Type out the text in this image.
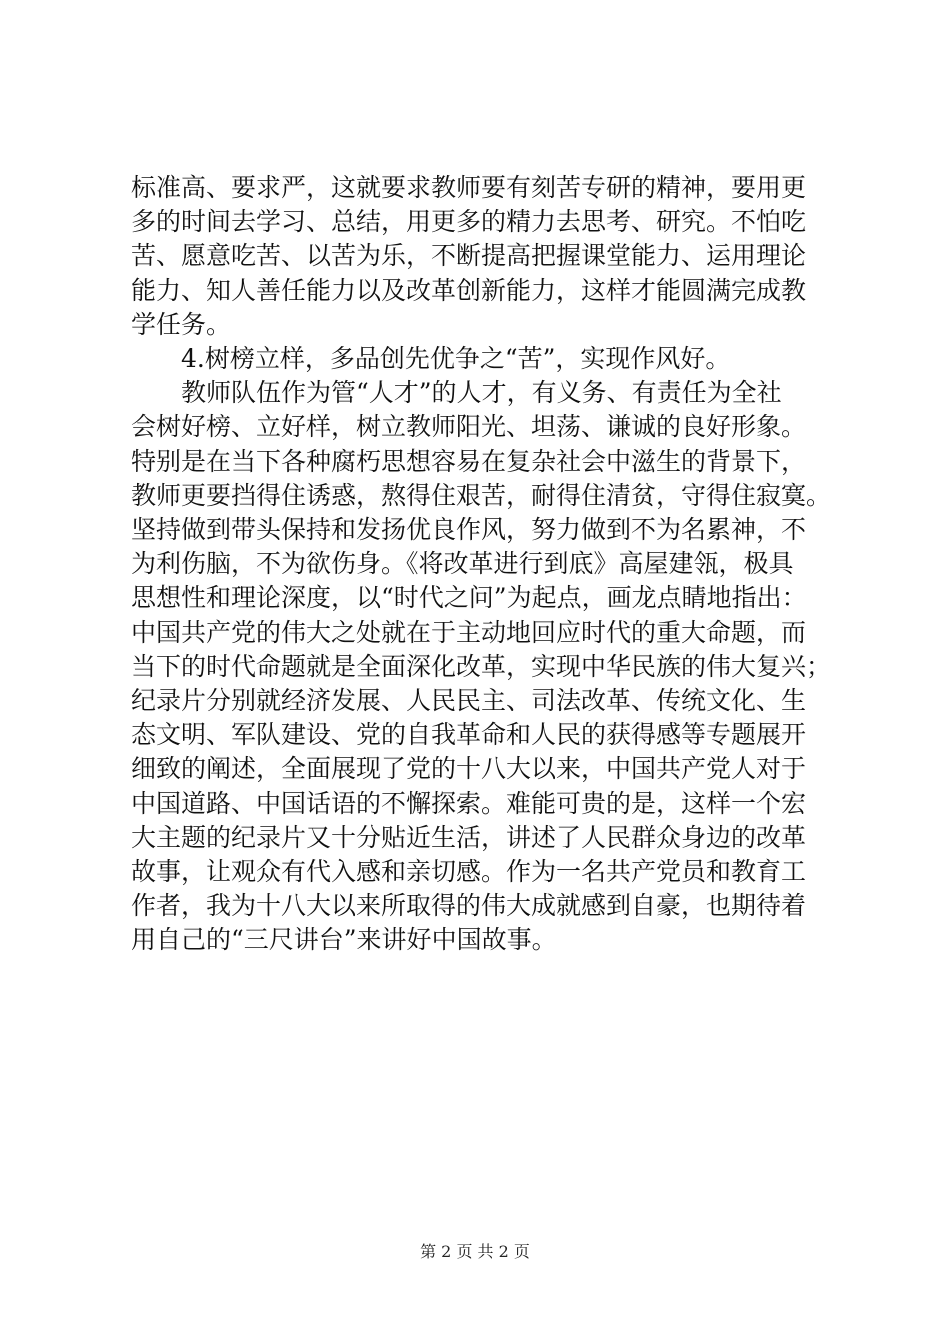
标准高、要求严，这就要求教师要有刻苦专研的精神，要用更
多的时间去学习、总结，用更多的精力去思考、研究。不怕吃
苦、愿意吃苦、以苦为乐，不断提高把握课堂能力、运用理论
能力、知人善任能力以及改革创新能力，这样才能圆满完成教
学任务。

4.树榜立样，多品创先优争之“苦”，实现作风好。

教师队伍作为管“人才”的人才，有义务、有责任为全社
会树好榜、立好样，树立教师阳光、坦荡、谦诚的良好形象。
特别是在当下各种腐朽思想容易在复杂社会中滋生的背景下，
教师更要挡得住诱惑，熬得住艰苦，耐得住清贫，守得住寂寞。
坚持做到带头保持和发扬优良作风，努力做到不为名累神，不
为利伤脑，不为欲伤身。《将改革进行到底》高屋建瓴，极具
思想性和理论深度，以“时代之问”为起点，画龙点睛地指出：
中国共产党的伟大之处就在于主动地回应时代的重大命题，而
当下的时代命题就是全面深化改革，实现中华民族的伟大复兴；
纪录片分别就经济发展、人民民主、司法改革、传统文化、生
态文明、军队建设、党的自我革命和人民的获得感等专题展开
细致的阐述，全面展现了党的十八大以来，中国共产党人对于
中国道路、中国话语的不懈探索。难能可贵的是，这样一个宏
大主题的纪录片又十分贴近生活，讲述了人民群众身边的改革
故事，让观众有代入感和亲切感。作为一名共产党员和教育工
作者，我为十八大以来所取得的伟大成就感到自豪，也期待着
用自己的“三尺讲台”来讲好中国故事。

第 2 页 共 2 页
